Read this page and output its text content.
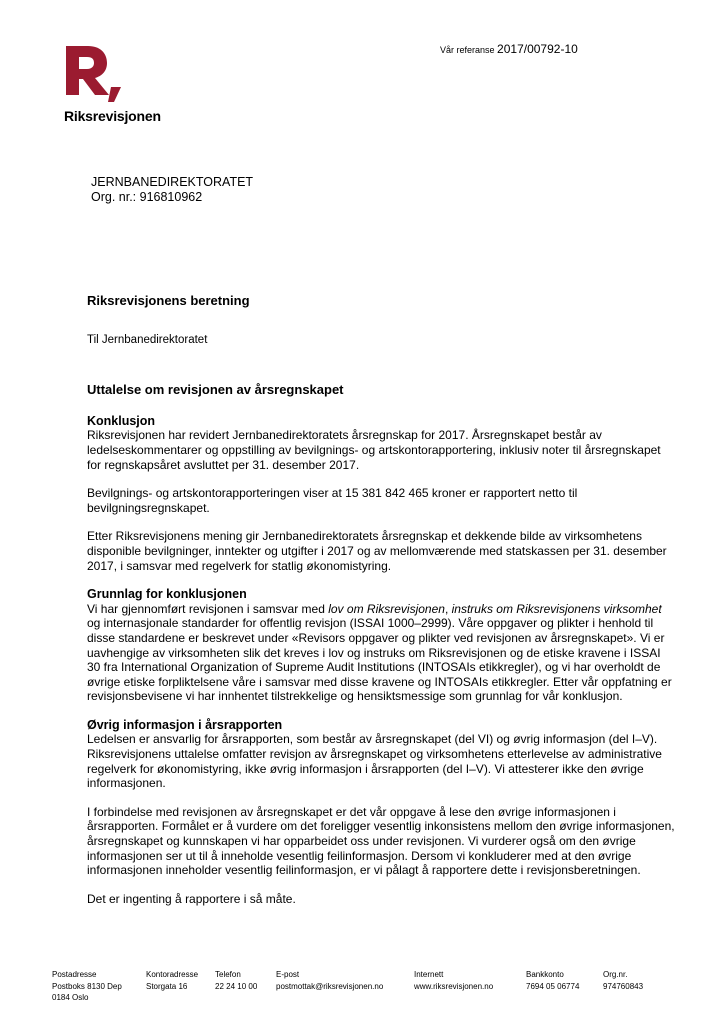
Vår referanse 2017/00792-10
Riksrevisjonen
JERNBANEDIREKTORATET
Org. nr.: 916810962
Riksrevisjonens beretning
Til Jernbanedirektoratet
Uttalelse om revisjonen av årsregnskapet
Konklusjon

Riksrevisjonen har revidert Jernbanedirektoratets årsregnskap for 2017. Årsregnskapet består av ledelseskommentarer og oppstilling av bevilgnings- og artskontorapportering, inklusiv noter til årsregnskapet for regnskapsåret avsluttet per 31. desember 2017.

Bevilgnings- og artskontorapporteringen viser at 15 381 842 465 kroner er rapportert netto til bevilgningsregnskapet.

Etter Riksrevisjonens mening gir Jernbanedirektoratets årsregnskap et dekkende bilde av virksomhetens disponible bevilgninger, inntekter og utgifter i 2017 og av mellomværende med statskassen per 31. desember 2017, i samsvar med regelverk for statlig økonomistyring.

Grunnlag for konklusjonen

Vi har gjennomført revisjonen i samsvar med lov om Riksrevisjonen, instruks om Riksrevisjonens virksomhet og internasjonale standarder for offentlig revisjon (ISSAI 1000–2999). Våre oppgaver og plikter i henhold til disse standardene er beskrevet under «Revisors oppgaver og plikter ved revisjonen av årsregnskapet». Vi er uavhengige av virksomheten slik det kreves i lov og instruks om Riksrevisjonen og de etiske kravene i ISSAI 30 fra International Organization of Supreme Audit Institutions (INTOSAIs etikkregler), og vi har overholdt de øvrige etiske forpliktelsene våre i samsvar med disse kravene og INTOSAIs etikkregler. Etter vår oppfatning er revisjonsbevisene vi har innhentet tilstrekkelige og hensiktsmessige som grunnlag for vår konklusjon.

Øvrig informasjon i årsrapporten

Ledelsen er ansvarlig for årsrapporten, som består av årsregnskapet (del VI) og øvrig informasjon (del I–V). Riksrevisjonens uttalelse omfatter revisjon av årsregnskapet og virksomhetens etterlevelse av administrative regelverk for økonomistyring, ikke øvrig informasjon i årsrapporten (del I–V). Vi attesterer ikke den øvrige informasjonen.

I forbindelse med revisjonen av årsregnskapet er det vår oppgave å lese den øvrige informasjonen i årsrapporten. Formålet er å vurdere om det foreligger vesentlig inkonsistens mellom den øvrige informasjonen, årsregnskapet og kunnskapen vi har opparbeidet oss under revisjonen. Vi vurderer også om den øvrige informasjonen ser ut til å inneholde vesentlig feilinformasjon. Dersom vi konkluderer med at den øvrige informasjonen inneholder vesentlig feilinformasjon, er vi pålagt å rapportere dette i revisjonsberetningen.

Det er ingenting å rapportere i så måte.

Postadresse
Postboks 8130 Dep
0184 Oslo
Kontoradresse
Storgata 16
Telefon
22 24 10 00
E-post
postmottak@riksrevisjonen.no
Internett
www.riksrevisjonen.no
Bankkonto
7694 05 06774
Org.nr.
974760843
